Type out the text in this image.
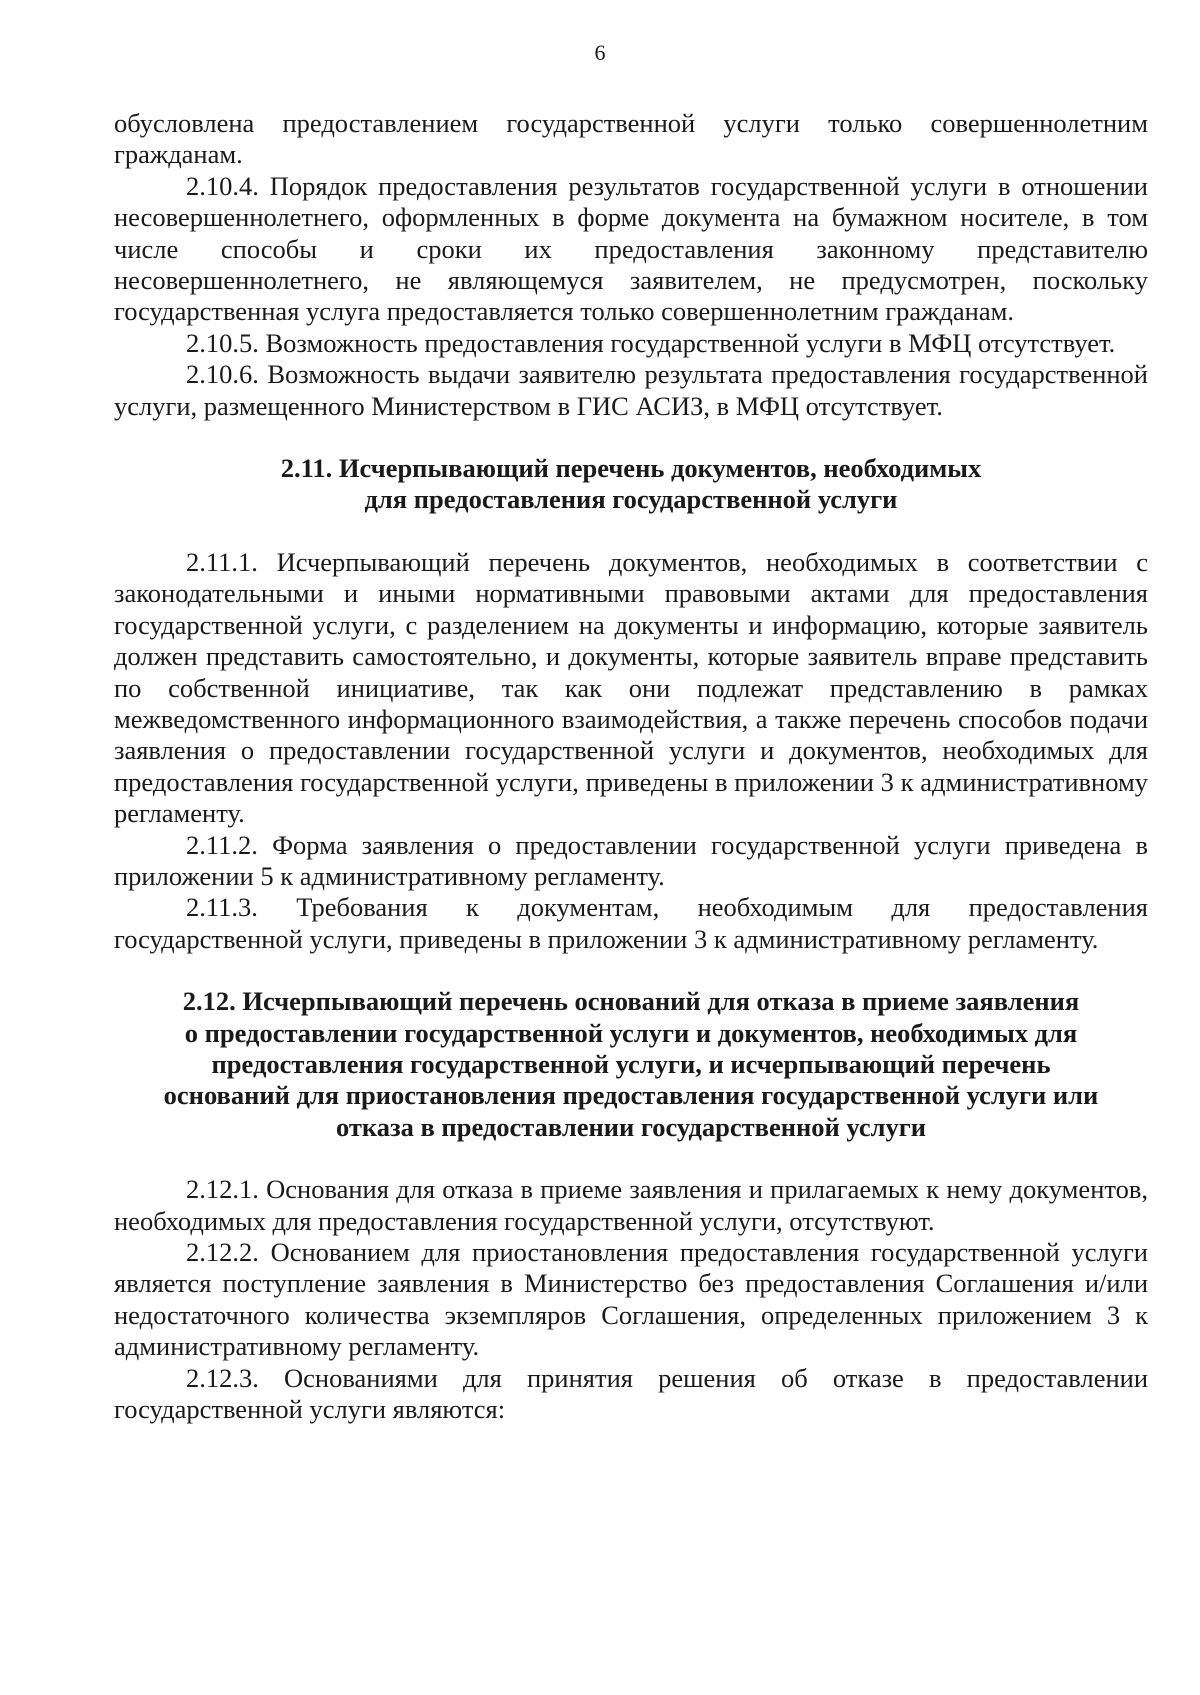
6

обусловлена предоставлением государственной услуги только совершеннолетним гражданам.

2.10.4. Порядок предоставления результатов государственной услуги в отношении несовершеннолетнего, оформленных в форме документа на бумажном носителе, в том числе способы и сроки их предоставления законному представителю несовершеннолетнего, не являющемуся заявителем, не предусмотрен, поскольку государственная услуга предоставляется только совершеннолетним гражданам.

2.10.5. Возможность предоставления государственной услуги в МФЦ отсутствует.

2.10.6. Возможность выдачи заявителю результата предоставления государственной услуги, размещенного Министерством в ГИС АСИЗ, в МФЦ отсутствует.

2.11. Исчерпывающий перечень документов, необходимых
для предоставления государственной услуги

2.11.1. Исчерпывающий перечень документов, необходимых в соответствии с законодательными и иными нормативными правовыми актами для предоставления государственной услуги, с разделением на документы и информацию, которые заявитель должен представить самостоятельно, и документы, которые заявитель вправе представить по собственной инициативе, так как они подлежат представлению в рамках межведомственного информационного взаимодействия, а также перечень способов подачи заявления о предоставлении государственной услуги и документов, необходимых для предоставления государственной услуги, приведены в приложении 3 к административному регламенту.

2.11.2. Форма заявления о предоставлении государственной услуги приведена в приложении 5 к административному регламенту.

2.11.3. Требования к документам, необходимым для предоставления государственной услуги, приведены в приложении 3 к административному регламенту.

2.12. Исчерпывающий перечень оснований для отказа в приеме заявления
о предоставлении государственной услуги и документов, необходимых для
предоставления государственной услуги, и исчерпывающий перечень
оснований для приостановления предоставления государственной услуги или
отказа в предоставлении государственной услуги

2.12.1. Основания для отказа в приеме заявления и прилагаемых к нему документов, необходимых для предоставления государственной услуги, отсутствуют.

2.12.2. Основанием для приостановления предоставления государственной услуги является поступление заявления в Министерство без предоставления Соглашения и/или недостаточного количества экземпляров Соглашения, определенных приложением 3 к административному регламенту.

2.12.3. Основаниями для принятия решения об отказе в предоставлении государственной услуги являются:
